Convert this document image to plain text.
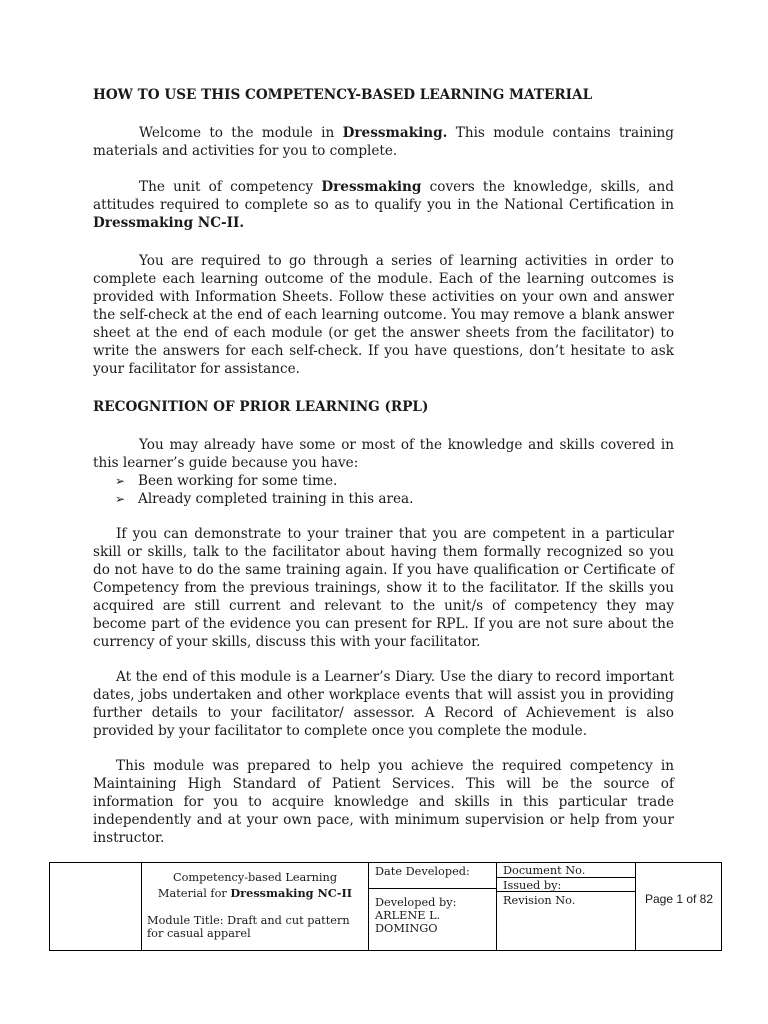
HOW TO USE THIS COMPETENCY-BASED LEARNING MATERIAL

Welcome to the module in Dressmaking. This module contains training materials and activities for you to complete.

The unit of competency Dressmaking covers the knowledge, skills, and attitudes required to complete so as to qualify you in the National Certification in Dressmaking NC-II.

You are required to go through a series of learning activities in order to complete each learning outcome of the module. Each of the learning outcomes is provided with Information Sheets. Follow these activities on your own and answer the self-check at the end of each learning outcome. You may remove a blank answer sheet at the end of each module (or get the answer sheets from the facilitator) to write the answers for each self-check. If you have questions, don’t hesitate to ask your facilitator for assistance.

RECOGNITION OF PRIOR LEARNING (RPL)

You may already have some or most of the knowledge and skills covered in this learner’s guide because you have:

➢ Been working for some time.
➢ Already completed training in this area.

If you can demonstrate to your trainer that you are competent in a particular skill or skills, talk to the facilitator about having them formally recognized so you do not have to do the same training again. If you have qualification or Certificate of Competency from the previous trainings, show it to the facilitator. If the skills you acquired are still current and relevant to the unit/s of competency they may become part of the evidence you can present for RPL. If you are not sure about the currency of your skills, discuss this with your facilitator.

At the end of this module is a Learner’s Diary. Use the diary to record important dates, jobs undertaken and other workplace events that will assist you in providing further details to your facilitator/ assessor. A Record of Achievement is also provided by your facilitator to complete once you complete the module.

This module was prepared to help you achieve the required competency in Maintaining High Standard of Patient Services. This will be the source of information for you to acquire knowledge and skills in this particular trade independently and at your own pace, with minimum supervision or help from your instructor.

Competency-based Learning
Material for Dressmaking NC-II
Module Title: Draft and cut pattern for casual apparel
Date Developed:
Developed by:
ARLENE L.
DOMINGO
Document No.
Issued by:
Revision No.	Page 1 of 82
